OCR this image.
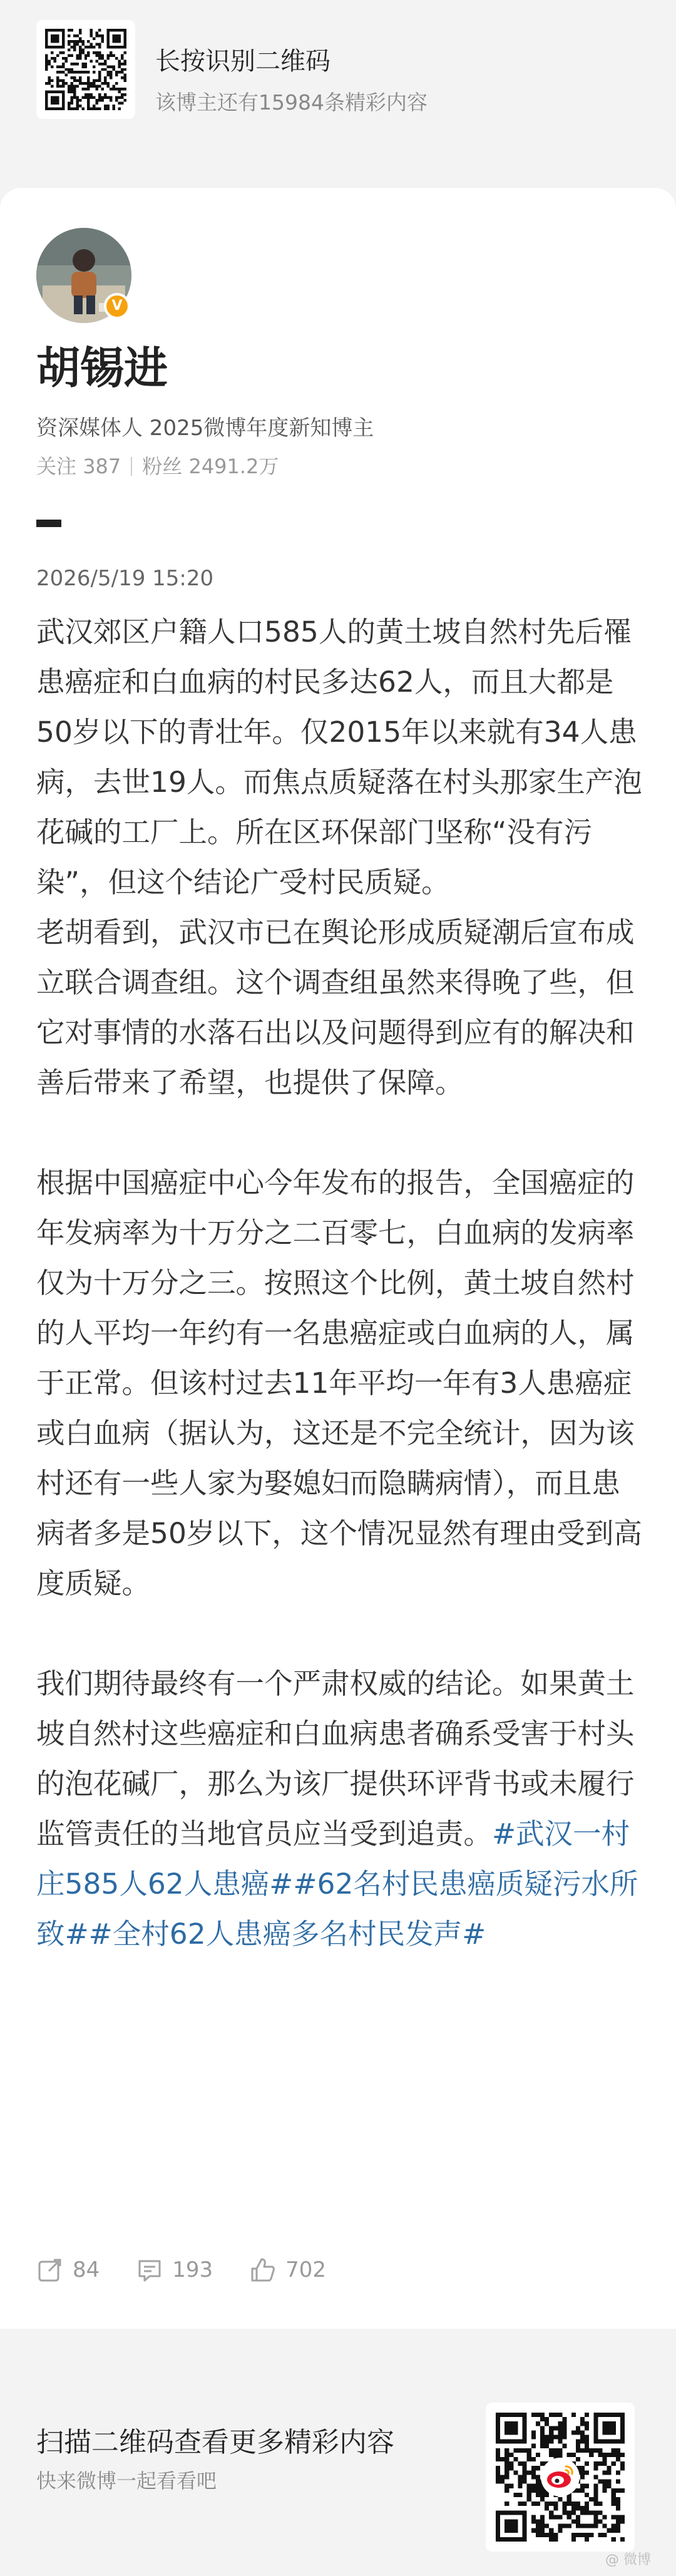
长按识别二维码
该博主还有15984条精彩内容
V
胡锡进
资深媒体人 2025微博年度新知博主
关注 387 粉丝 2491.2万
2026/5/19 15:20

武汉郊区户籍人口585人的黄土坡自然村先后罹患癌症和白血病的村民多达62人，而且大都是50岁以下的青壮年。仅2015年以来就有34人患病，去世19人。而焦点质疑落在村头那家生产泡花碱的工厂上。所在区环保部门坚称“没有污染”，但这个结论广受村民质疑。

老胡看到，武汉市已在舆论形成质疑潮后宣布成立联合调查组。这个调查组虽然来得晚了些，但它对事情的水落石出以及问题得到应有的解决和善后带来了希望，也提供了保障。

根据中国癌症中心今年发布的报告，全国癌症的年发病率为十万分之二百零七，白血病的发病率仅为十万分之三。按照这个比例，黄土坡自然村的人平均一年约有一名患癌症或白血病的人，属于正常。但该村过去11年平均一年有3人患癌症或白血病（据认为，这还是不完全统计，因为该村还有一些人家为娶媳妇而隐瞒病情），而且患病者多是50岁以下，这个情况显然有理由受到高度质疑。

我们期待最终有一个严肃权威的结论。如果黄土坡自然村这些癌症和白血病患者确系受害于村头的泡花碱厂，那么为该厂提供环评背书或未履行监管责任的当地官员应当受到追责。#武汉一村庄585人62人患癌##62名村民患癌质疑污水所致##全村62人患癌多名村民发声#

84	193	702
扫描二维码查看更多精彩内容
快来微博一起看看吧
@ 微博
